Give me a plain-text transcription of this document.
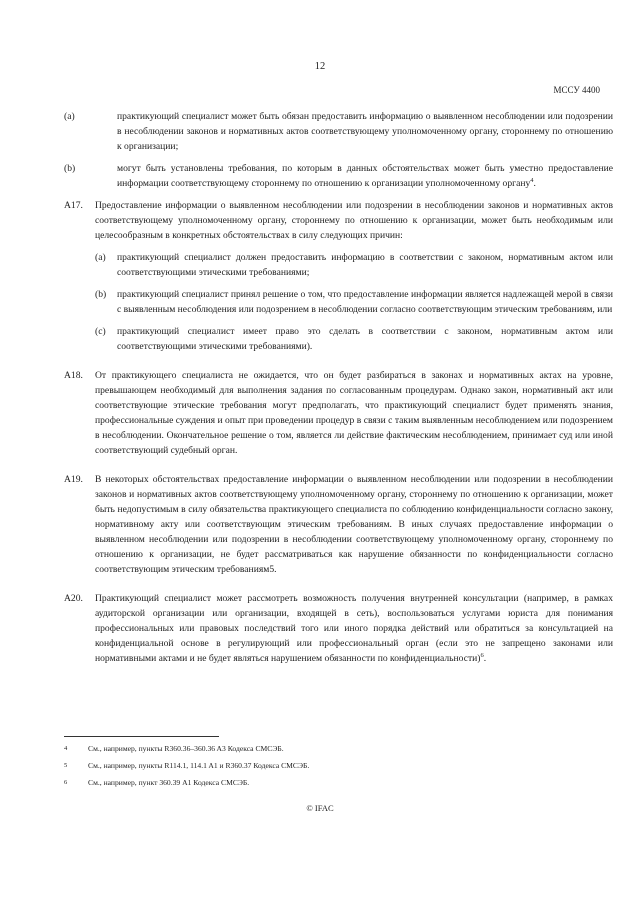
12
МССУ 4400
(a)	практикующий специалист может быть обязан предоставить информацию о выявленном несоблюдении или подозрении в несоблюдении законов и нормативных актов соответствующему уполномоченному органу, стороннему по отношению к организации;
(b)	могут быть установлены требования, по которым в данных обстоятельствах может быть уместно предоставление информации соответствующему стороннему по отношению к организации уполномоченному органу$^4$.
A17.	Предоставление информации о выявленном несоблюдении или подозрении в несоблюдении законов и нормативных актов соответствующему уполномоченному органу, стороннему по отношению к организации, может быть необходимым или целесообразным в конкретных обстоятельствах в силу следующих причин:
(a)	практикующий специалист должен предоставить информацию в соответствии с законом, нормативным актом или соответствующими этическими требованиями;
(b)	практикующий специалист принял решение о том, что предоставление информации является надлежащей мерой в связи с выявленным несоблюдения или подозрением в несоблюдении согласно соответствующим этическим требованиям, или
(c)	практикующий специалист имеет право это сделать в соответствии с законом, нормативным актом или соответствующими этическими требованиями).
A18.	От практикующего специалиста не ожидается, что он будет разбираться в законах и нормативных актах на уровне, превышающем необходимый для выполнения задания по согласованным процедурам. Однако закон, нормативный акт или соответствующие этические требования могут предполагать, что практикующий специалист будет применять знания, профессиональные суждения и опыт при проведении процедур в связи с таким выявленным несоблюдением или подозрением в несоблюдении. Окончательное решение о том, является ли действие фактическим несоблюдением, принимает суд или иной соответствующий судебный орган.
A19.	В некоторых обстоятельствах предоставление информации о выявленном несоблюдении или подозрении в несоблюдении законов и нормативных актов соответствующему уполномоченному органу, стороннему по отношению к организации, может быть недопустимым в силу обязательства практикующего специалиста по соблюдению конфиденциальности согласно закону, нормативному акту или соответствующим этическим требованиям. В иных случаях предоставление информации о выявленном несоблюдении или подозрении в несоблюдении соответствующему уполномоченному органу, стороннему по отношению к организации, не будет рассматриваться как нарушение обязанности по конфиденциальности согласно соответствующим этическим требованиям5.
A20.	Практикующий специалист может рассмотреть возможность получения внутренней консультации (например, в рамках аудиторской организации или организации, входящей в сеть), воспользоваться услугами юриста для понимания профессиональных или правовых последствий того или иного порядка действий или обратиться за консультацией на конфиденциальной основе в регулирующий или профессиональный орган (если это не запрещено законами или нормативными актами и не будет являться нарушением обязанности по конфиденциальности)$^6$.
4	См., например, пункты R360.36–360.36 A3 Кодекса СМСЭБ.
5	См., например, пункты R114.1, 114.1 A1 и R360.37 Кодекса СМСЭБ.
6	См., например, пункт 360.39 A1 Кодекса СМСЭБ.
© IFAC
